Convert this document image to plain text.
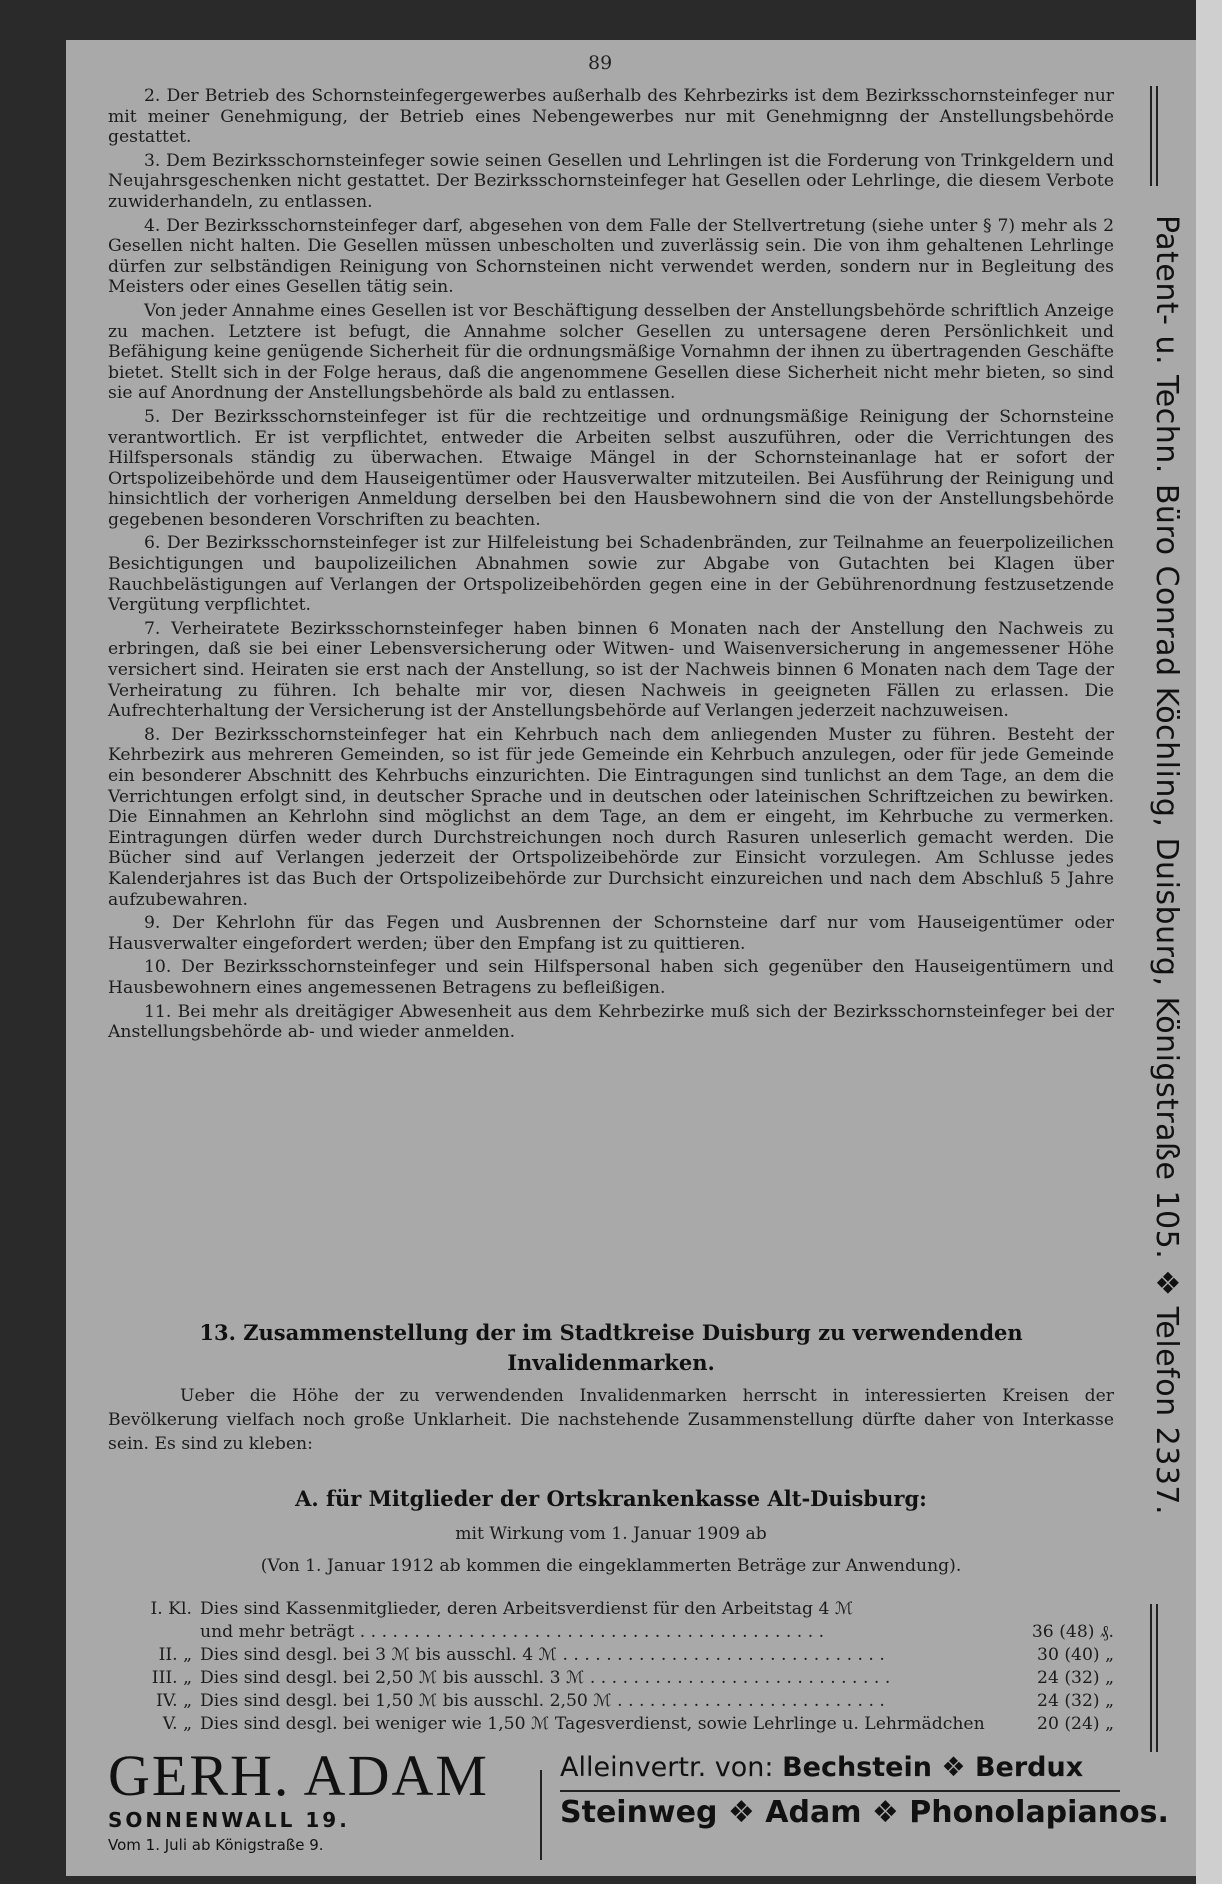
89

2. Der Betrieb des Schornsteinfegergewerbes außerhalb des Kehrbezirks ist dem Bezirksschornsteinfeger nur mit meiner Genehmigung, der Betrieb eines Nebengewerbes nur mit Genehmignng der Anstellungsbehörde gestattet.

3. Dem Bezirksschornsteinfeger sowie seinen Gesellen und Lehrlingen ist die Forderung von Trinkgeldern und Neujahrsgeschenken nicht gestattet. Der Bezirksschornsteinfeger hat Gesellen oder Lehrlinge, die diesem Verbote zuwiderhandeln, zu entlassen.

4. Der Bezirksschornsteinfeger darf, abgesehen von dem Falle der Stellvertretung (siehe unter § 7) mehr als 2 Gesellen nicht halten. Die Gesellen müssen unbescholten und zuverlässig sein. Die von ihm gehaltenen Lehrlinge dürfen zur selbständigen Reinigung von Schornsteinen nicht verwendet werden, sondern nur in Begleitung des Meisters oder eines Gesellen tätig sein.

Von jeder Annahme eines Gesellen ist vor Beschäftigung desselben der Anstellungsbehörde schriftlich Anzeige zu machen. Letztere ist befugt, die Annahme solcher Gesellen zu untersagene deren Persönlichkeit und Befähigung keine genügende Sicherheit für die ordnungsmäßige Vornahmn der ihnen zu übertragenden Geschäfte bietet. Stellt sich in der Folge heraus, daß die angenommene Gesellen diese Sicherheit nicht mehr bieten, so sind sie auf Anordnung der Anstellungsbehörde als bald zu entlassen.

5. Der Bezirksschornsteinfeger ist für die rechtzeitige und ordnungsmäßige Reinigung der Schornsteine verantwortlich. Er ist verpflichtet, entweder die Arbeiten selbst auszuführen, oder die Verrichtungen des Hilfspersonals ständig zu überwachen. Etwaige Mängel in der Schornsteinanlage hat er sofort der Ortspolizeibehörde und dem Hauseigentümer oder Hausverwalter mitzuteilen. Bei Ausführung der Reinigung und hinsichtlich der vorherigen Anmeldung derselben bei den Hausbewohnern sind die von der Anstellungsbehörde gegebenen besonderen Vorschriften zu beachten.

6. Der Bezirksschornsteinfeger ist zur Hilfeleistung bei Schadenbränden, zur Teilnahme an feuerpolizeilichen Besichtigungen und baupolizeilichen Abnahmen sowie zur Abgabe von Gutachten bei Klagen über Rauchbelästigungen auf Verlangen der Ortspolizeibehörden gegen eine in der Gebührenordnung festzusetzende Vergütung verpflichtet.

7. Verheiratete Bezirksschornsteinfeger haben binnen 6 Monaten nach der Anstellung den Nachweis zu erbringen, daß sie bei einer Lebensversicherung oder Witwen- und Waisenversicherung in angemessener Höhe versichert sind. Heiraten sie erst nach der Anstellung, so ist der Nachweis binnen 6 Monaten nach dem Tage der Verheiratung zu führen. Ich behalte mir vor, diesen Nachweis in geeigneten Fällen zu erlassen. Die Aufrechterhaltung der Versicherung ist der Anstellungsbehörde auf Verlangen jederzeit nachzuweisen.

8. Der Bezirksschornsteinfeger hat ein Kehrbuch nach dem anliegenden Muster zu führen. Besteht der Kehrbezirk aus mehreren Gemeinden, so ist für jede Gemeinde ein Kehrbuch anzulegen, oder für jede Gemeinde ein besonderer Abschnitt des Kehrbuchs einzurichten. Die Eintragungen sind tunlichst an dem Tage, an dem die Verrichtungen erfolgt sind, in deutscher Sprache und in deutschen oder lateinischen Schriftzeichen zu bewirken. Die Einnahmen an Kehrlohn sind möglichst an dem Tage, an dem er eingeht, im Kehrbuche zu vermerken. Eintragungen dürfen weder durch Durchstreichungen noch durch Rasuren unleserlich gemacht werden. Die Bücher sind auf Verlangen jederzeit der Ortspolizeibehörde zur Einsicht vorzulegen. Am Schlusse jedes Kalenderjahres ist das Buch der Ortspolizeibehörde zur Durchsicht einzureichen und nach dem Abschluß 5 Jahre aufzubewahren.

9. Der Kehrlohn für das Fegen und Ausbrennen der Schornsteine darf nur vom Hauseigentümer oder Hausverwalter eingefordert werden; über den Empfang ist zu quittieren.

10. Der Bezirksschornsteinfeger und sein Hilfspersonal haben sich gegenüber den Hauseigentümern und Hausbewohnern eines angemessenen Betragens zu befleißigen.

11. Bei mehr als dreitägiger Abwesenheit aus dem Kehrbezirke muß sich der Bezirksschornsteinfeger bei der Anstellungsbehörde ab- und wieder anmelden.

13. Zusammenstellung der im Stadtkreise Duisburg zu verwendenden
Invalidenmarken.
Ueber die Höhe der zu verwendenden Invalidenmarken herrscht in interessierten Kreisen der Bevölkerung vielfach noch große Unklarheit. Die nachstehende Zusammenstellung dürfte daher von Interkasse sein. Es sind zu kleben:
A. für Mitglieder der Ortskrankenkasse Alt-Duisburg:
mit Wirkung vom 1. Januar 1909 ab
(Von 1. Januar 1912 ab kommen die eingeklammerten Beträge zur Anwendung).
I. Kl. Dies sind Kassenmitglieder, deren Arbeitsverdienst für den Arbeitstag 4 ℳ
und mehr beträgt . . . . . . . . . . . . . . . . . . . . . . . . . . . . . . . . . . . . . . . . . . .	36 (48) ₰.
II. „ Dies sind desgl. bei 3 ℳ bis ausschl. 4 ℳ . . . . . . . . . . . . . . . . . . . . . . . . . . . . . .	30 (40) „
III. „ Dies sind desgl. bei 2,50 ℳ bis ausschl. 3 ℳ . . . . . . . . . . . . . . . . . . . . . . . . . . . .	24 (32) „
IV. „ Dies sind desgl. bei 1,50 ℳ bis ausschl. 2,50 ℳ . . . . . . . . . . . . . . . . . . . . . . . . .	24 (32) „
V. „ Dies sind desgl. bei weniger wie 1,50 ℳ Tagesverdienst, sowie Lehrlinge u. Lehrmädchen	20 (24) „
Patent- u. Techn. Büro Conrad Köchling, Duisburg, Königstraße 105. ❖ Telefon 2337.
GERH. ADAM
SONNENWALL 19.
Vom 1. Juli ab Königstraße 9.
Alleinvertr. von: Bechstein ❖ Berdux
Steinweg ❖ Adam ❖ Phonolapianos.
